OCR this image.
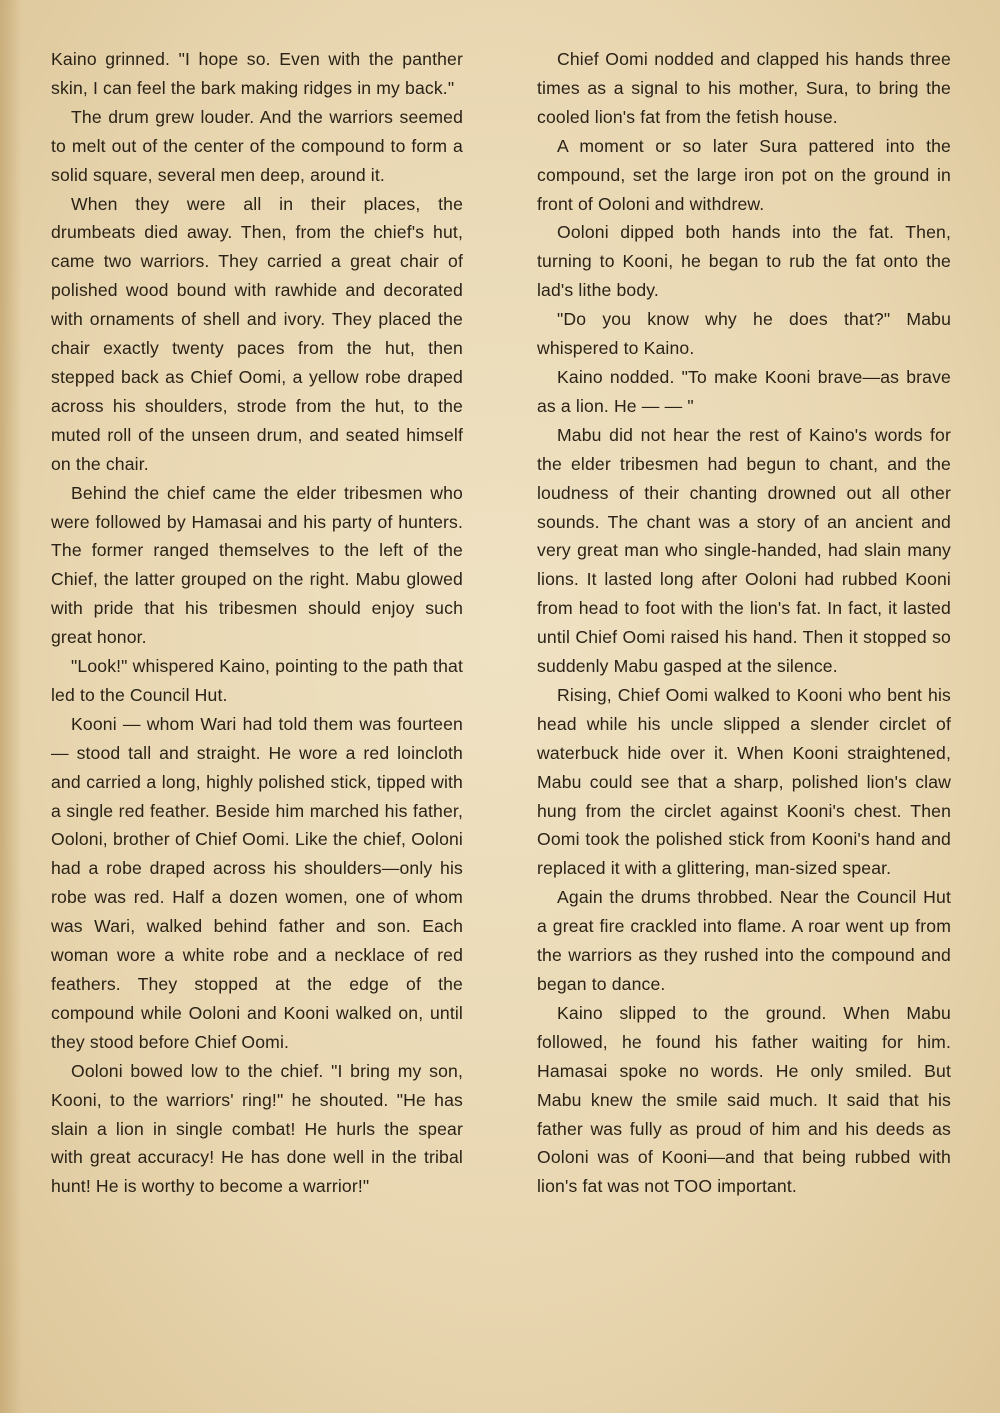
Kaino grinned. "I hope so. Even with the panther skin, I can feel the bark making ridges in my back."

The drum grew louder. And the warriors seemed to melt out of the center of the compound to form a solid square, several men deep, around it.

When they were all in their places, the drumbeats died away. Then, from the chief's hut, came two warriors. They carried a great chair of polished wood bound with rawhide and decorated with ornaments of shell and ivory. They placed the chair exactly twenty paces from the hut, then stepped back as Chief Oomi, a yellow robe draped across his shoulders, strode from the hut, to the muted roll of the unseen drum, and seated himself on the chair.

Behind the chief came the elder tribesmen who were followed by Hamasai and his party of hunters. The former ranged themselves to the left of the Chief, the latter grouped on the right. Mabu glowed with pride that his tribesmen should enjoy such great honor.

"Look!" whispered Kaino, pointing to the path that led to the Council Hut.

Kooni — whom Wari had told them was fourteen — stood tall and straight. He wore a red loincloth and carried a long, highly polished stick, tipped with a single red feather. Beside him marched his father, Ooloni, brother of Chief Oomi. Like the chief, Ooloni had a robe draped across his shoulders—only his robe was red. Half a dozen women, one of whom was Wari, walked behind father and son. Each woman wore a white robe and a necklace of red feathers. They stopped at the edge of the compound while Ooloni and Kooni walked on, until they stood before Chief Oomi.

Ooloni bowed low to the chief. "I bring my son, Kooni, to the warriors' ring!" he shouted. "He has slain a lion in single combat! He hurls the spear with great accuracy! He has done well in the tribal hunt! He is worthy to become a warrior!"

Chief Oomi nodded and clapped his hands three times as a signal to his mother, Sura, to bring the cooled lion's fat from the fetish house.

A moment or so later Sura pattered into the compound, set the large iron pot on the ground in front of Ooloni and withdrew.

Ooloni dipped both hands into the fat. Then, turning to Kooni, he began to rub the fat onto the lad's lithe body.

"Do you know why he does that?" Mabu whispered to Kaino.

Kaino nodded. "To make Kooni brave—as brave as a lion. He — — "

Mabu did not hear the rest of Kaino's words for the elder tribesmen had begun to chant, and the loudness of their chanting drowned out all other sounds. The chant was a story of an ancient and very great man who single-handed, had slain many lions. It lasted long after Ooloni had rubbed Kooni from head to foot with the lion's fat. In fact, it lasted until Chief Oomi raised his hand. Then it stopped so suddenly Mabu gasped at the silence.

Rising, Chief Oomi walked to Kooni who bent his head while his uncle slipped a slender circlet of waterbuck hide over it. When Kooni straightened, Mabu could see that a sharp, polished lion's claw hung from the circlet against Kooni's chest. Then Oomi took the polished stick from Kooni's hand and replaced it with a glittering, man-sized spear.

Again the drums throbbed. Near the Council Hut a great fire crackled into flame. A roar went up from the warriors as they rushed into the compound and began to dance.

Kaino slipped to the ground. When Mabu followed, he found his father waiting for him. Hamasai spoke no words. He only smiled. But Mabu knew the smile said much. It said that his father was fully as proud of him and his deeds as Ooloni was of Kooni—and that being rubbed with lion's fat was not TOO important.
